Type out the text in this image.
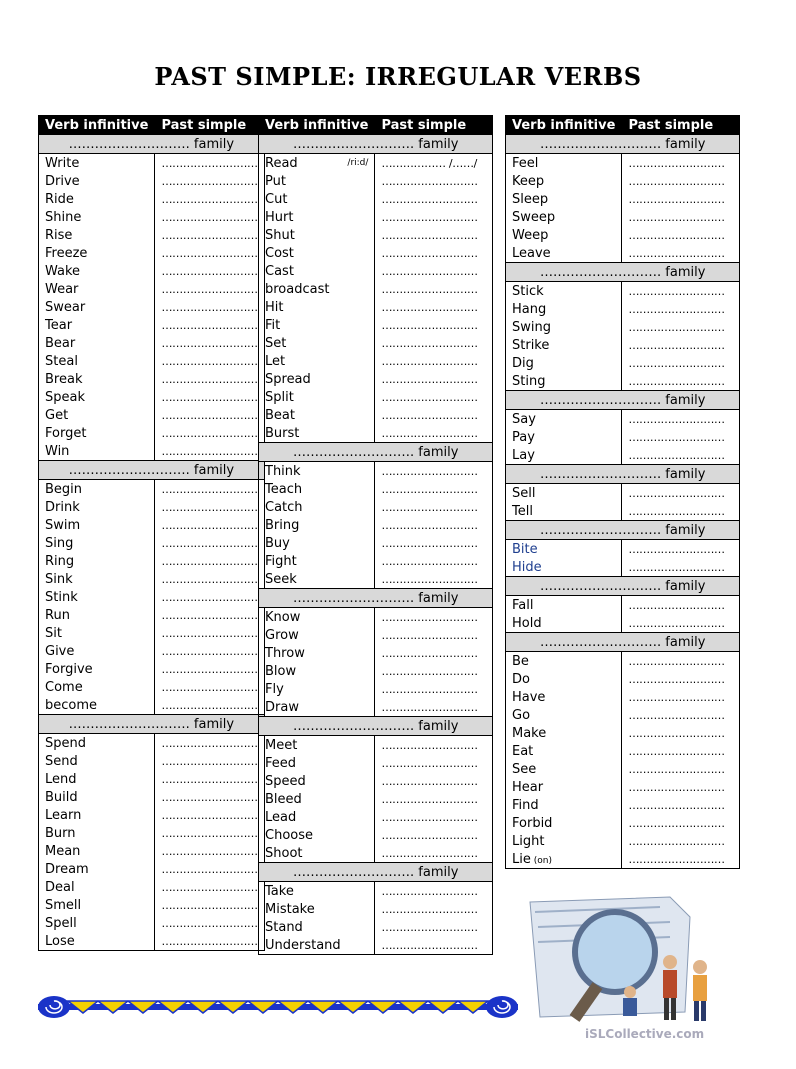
PAST SIMPLE: IRREGULAR VERBS
Verb infinitive	Past simple
………………………. family	
Write	………………………
Drive	………………………
Ride	………………………
Shine	………………………
Rise	………………………
Freeze	………………………
Wake	………………………
Wear	………………………
Swear	………………………
Tear	………………………
Bear	………………………
Steal	………………………
Break	………………………
Speak	………………………
Get	………………………
Forget	………………………
Win	………………………
………………………. family	
Begin	………………………
Drink	………………………
Swim	………………………
Sing	………………………
Ring	………………………
Sink	………………………
Stink	………………………
Run	………………………
Sit	………………………
Give	………………………
Forgive	………………………
Come	………………………
become	………………………
………………………. family	
Spend	………………………
Send	………………………
Lend	………………………
Build	………………………
Learn	………………………
Burn	………………………
Mean	………………………
Dream	………………………
Deal	………………………
Smell	………………………
Spell	………………………
Lose	………………………
Verb infinitive	Past simple
………………………. family	
Read /ri:d/	……………… /……/
Put	………………………
Cut	………………………
Hurt	………………………
Shut	………………………
Cost	………………………
Cast	………………………
broadcast	………………………
Hit	………………………
Fit	………………………
Set	………………………
Let	………………………
Spread	………………………
Split	………………………
Beat	………………………
Burst	………………………
………………………. family	
Think	………………………
Teach	………………………
Catch	………………………
Bring	………………………
Buy	………………………
Fight	………………………
Seek	………………………
………………………. family	
Know	………………………
Grow	………………………
Throw	………………………
Blow	………………………
Fly	………………………
Draw	………………………
………………………. family	
Meet	………………………
Feed	………………………
Speed	………………………
Bleed	………………………
Lead	………………………
Choose	………………………
Shoot	………………………
………………………. family	
Take	………………………
Mistake	………………………
Stand	………………………
Understand	………………………
Verb infinitive	Past simple
………………………. family	
Feel	………………………
Keep	………………………
Sleep	………………………
Sweep	………………………
Weep	………………………
Leave	………………………
………………………. family	
Stick	………………………
Hang	………………………
Swing	………………………
Strike	………………………
Dig	………………………
Sting	………………………
………………………. family	
Say	………………………
Pay	………………………
Lay	………………………
………………………. family	
Sell	………………………
Tell	………………………
………………………. family	
Bite	………………………
Hide	………………………
………………………. family	
Fall	………………………
Hold	………………………
………………………. family	
Be	………………………
Do	………………………
Have	………………………
Go	………………………
Make	………………………
Eat	………………………
See	………………………
Hear	………………………
Find	………………………
Forbid	………………………
Light	………………………
Lie (on)	………………………
iSLCollective.com
